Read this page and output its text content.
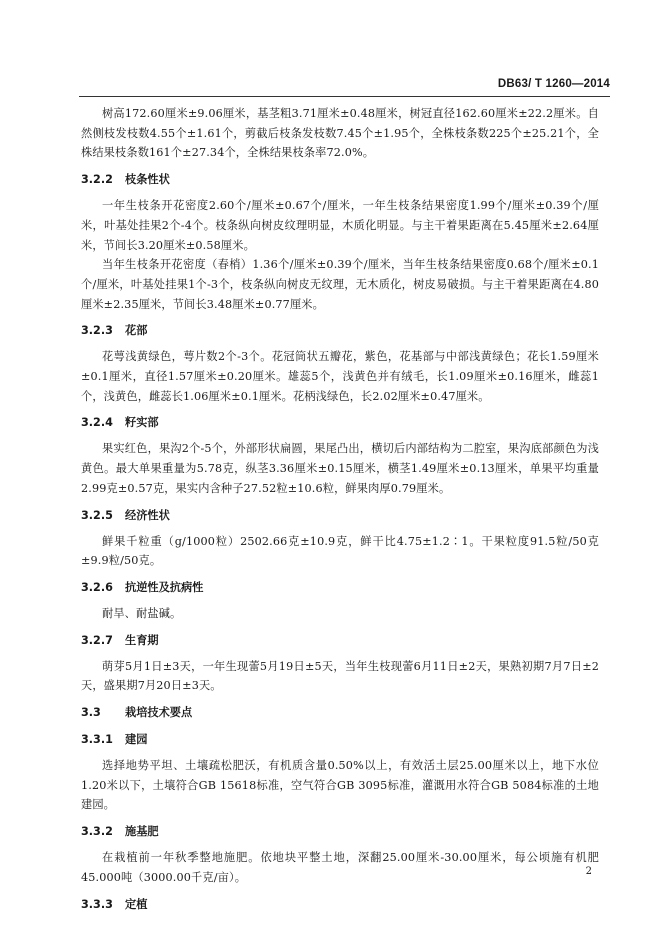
DB63/ T 1260—2014

树高172.60厘米±9.06厘米，基茎粗3.71厘米±0.48厘米，树冠直径162.60厘米±22.2厘米。自然侧枝发枝数4.55个±1.61个，剪截后枝条发枝数7.45个±1.95个，全株枝条数225个±25.21个，全株结果枝条数161个±27.34个，全株结果枝条率72.0%。

3.2.2	枝条性状

一年生枝条开花密度2.60个/厘米±0.67个/厘米，一年生枝条结果密度1.99个/厘米±0.39个/厘米，叶基处挂果2个-4个。枝条纵向树皮纹理明显，木质化明显。与主干着果距离在5.45厘米±2.64厘米，节间长3.20厘米±0.58厘米。

当年生枝条开花密度（春梢）1.36个/厘米±0.39个/厘米，当年生枝条结果密度0.68个/厘米±0.1个/厘米，叶基处挂果1个-3个，枝条纵向树皮无纹理，无木质化，树皮易破损。与主干着果距离在4.80厘米±2.35厘米，节间长3.48厘米±0.77厘米。

3.2.3	花部

花萼浅黄绿色，萼片数2个-3个。花冠筒状五瓣花，紫色，花基部与中部浅黄绿色；花长1.59厘米±0.1厘米，直径1.57厘米±0.20厘米。雄蕊5个，浅黄色并有绒毛，长1.09厘米±0.16厘米，雌蕊1个，浅黄色，雌蕊长1.06厘米±0.1厘米。花柄浅绿色，长2.02厘米±0.47厘米。

3.2.4	籽实部

果实红色，果沟2个-5个，外部形状扁圆，果尾凸出，横切后内部结构为二腔室，果沟底部颜色为浅黄色。最大单果重量为5.78克，纵茎3.36厘米±0.15厘米，横茎1.49厘米±0.13厘米，单果平均重量2.99克±0.57克，果实内含种子27.52粒±10.6粒，鲜果肉厚0.79厘米。

3.2.5	经济性状

鲜果千粒重（g/1000粒）2502.66克±10.9克，鲜干比4.75±1.2∶1。干果粒度91.5粒/50克±9.9粒/50克。

3.2.6	抗逆性及抗病性

耐旱、耐盐碱。

3.2.7	生育期

萌芽5月1日±3天，一年生现蕾5月19日±5天，当年生枝现蕾6月11日±2天，果熟初期7月7日±2天，盛果期7月20日±3天。

3.3	栽培技术要点
3.3.1	建园

选择地势平坦、土壤疏松肥沃，有机质含量0.50%以上，有效活土层25.00厘米以上，地下水位1.20米以下，土壤符合GB 15618标准，空气符合GB 3095标准，灌溉用水符合GB 5084标准的土地建园。

3.3.2	施基肥

在栽植前一年秋季整地施肥。依地块平整土地，深翻25.00厘米-30.00厘米，每公顷施有机肥45.000吨（3000.00千克/亩）。

3.3.3	定植
2
